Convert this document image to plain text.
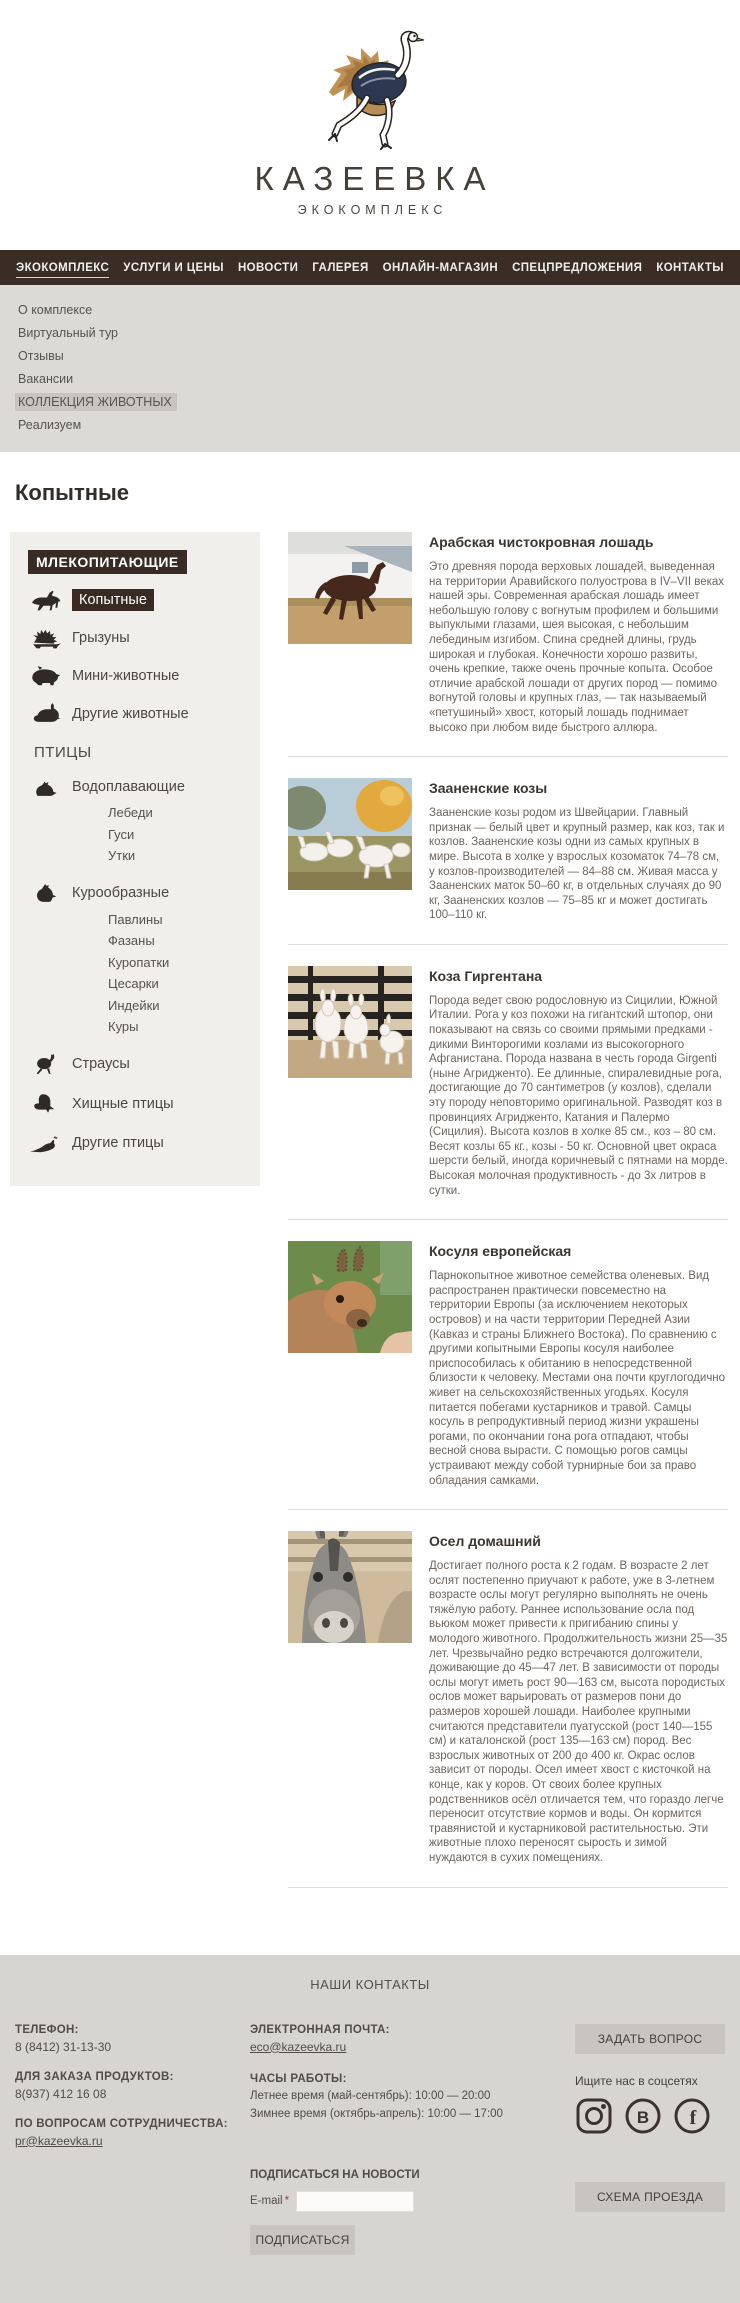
КАЗЕЕВКА
ЭКОКОМПЛЕКС
ЭКОКОМПЛЕКС УСЛУГИ И ЦЕНЫ НОВОСТИ ГАЛЕРЕЯ ОНЛАЙН-МАГАЗИН СПЕЦПРЕДЛОЖЕНИЯ КОНТАКТЫ
О комплексе
Виртуальный тур
Отзывы
Вакансии
КОЛЛЕКЦИЯ ЖИВОТНЫХ
Реализуем
Копытные
МЛЕКОПИТАЮЩИЕ
Копытные
Грызуны
Мини-животные
Другие животные
ПТИЦЫ
Водоплавающие
Лебеди
Гуси
Утки
Курообразные
Павлины
Фазаны
Куропатки
Цесарки
Индейки
Куры
Страусы
Хищные птицы
Другие птицы
Арабская чистокровная лошадь

Это древняя порода верховых лошадей, выведенная на территории Аравийского полуострова в IV–VII веках нашей эры. Современная арабская лошадь имеет небольшую голову с вогнутым профилем и большими выпуклыми глазами, шея высокая, с небольшим лебединым изгибом. Спина средней длины, грудь широкая и глубокая. Конечности хорошо развиты, очень крепкие, также очень прочные копыта. Особое отличие арабской лошади от других пород — помимо вогнутой головы и крупных глаз, — так называемый «петушиный» хвост, который лошадь поднимает высоко при любом виде быстрого аллюра.

Зааненские козы

Зааненские козы родом из Швейцарии. Главный признак — белый цвет и крупный размер, как коз, так и козлов. Зааненские козы одни из самых крупных в мире. Высота в холке у взрослых козоматок 74–78 см, у козлов-производителей — 84–88 см. Живая масса у Зааненских маток 50–60 кг, в отдельных случаях до 90 кг, Зааненских козлов — 75–85 кг и может достигать 100–110 кг.

Коза Гиргентана

Порода ведет свою родословную из Сицилии, Южной Италии. Рога у коз похожи на гигантский штопор, они показывают на связь со своими прямыми предками - дикими Винторогими козлами из высокогорного Афганистана. Порода названа в честь города Girgenti (ныне Агридженто). Ее длинные, спиралевидные рога, достигающие до 70 сантиметров (у козлов), сделали эту породу неповторимо оригинальной. Разводят коз в провинциях Агридженто, Катания и Палермо (Сицилия). Высота козлов в холке 85 см., коз – 80 см. Весят козлы 65 кг., козы - 50 кг. Основной цвет окраса шерсти белый, иногда коричневый с пятнами на морде. Высокая молочная продуктивность - до 3х литров в сутки.

Косуля европейская

Парнокопытное животное семейства оленевых. Вид распространен практически повсеместно на территории Европы (за исключением некоторых островов) и на части территории Передней Азии (Кавказ и страны Ближнего Востока). По сравнению с другими копытными Европы косуля наиболее приспособилась к обитанию в непосредственной близости к человеку. Местами она почти круглогодично живет на сельскохозяйственных угодьях. Косуля питается побегами кустарников и травой. Самцы косуль в репродуктивный период жизни украшены рогами, по окончании гона рога отпадают, чтобы весной снова вырасти. С помощью рогов самцы устраивают между собой турнирные бои за право обладания самками.

Осел домашний

Достигает полного роста к 2 годам. В возрасте 2 лет ослят постепенно приучают к работе, уже в 3-летнем возрасте ослы могут регулярно выполнять не очень тяжёлую работу. Раннее использование осла под вьюком может привести к пригибанию спины у молодого животного. Продолжительность жизни 25—35 лет. Чрезвычайно редко встречаются долгожители, доживающие до 45—47 лет. В зависимости от породы ослы могут иметь рост 90—163 см, высота породистых ослов может варьировать от размеров пони до размеров хорошей лошади. Наиболее крупными считаются представители пуатусской (рост 140—155 см) и каталонской (рост 135—163 см) пород. Вес взрослых животных от 200 до 400 кг. Окрас ослов зависит от породы. Осел имеет хвост с кисточкой на конце, как у коров. От своих более крупных родственников осёл отличается тем, что гораздо легче переносит отсутствие кормов и воды. Он кормится травянистой и кустарниковой растительностью. Эти животные плохо переносят сырость и зимой нуждаются в сухих помещениях.

НАШИ КОНТАКТЫ
ТЕЛЕФОН:
8 (8412) 31-13-30
ДЛЯ ЗАКАЗА ПРОДУКТОВ:
8(937) 412 16 08
ПО ВОПРОСАМ СОТРУДНИЧЕСТВА:
pr@kazeevka.ru
ЭЛЕКТРОННАЯ ПОЧТА:
eco@kazeevka.ru
ЧАСЫ РАБОТЫ:
Летнее время (май-сентябрь): 10:00 — 20:00
Зимнее время (октябрь-апрель): 10:00 — 17:00
ПОДПИСАТЬСЯ НА НОВОСТИ
E-mail *
ПОДПИСАТЬСЯ
ЗАДАТЬ ВОПРОС
Ищите нас в соцсетях
В f
СХЕМА ПРОЕЗДА
